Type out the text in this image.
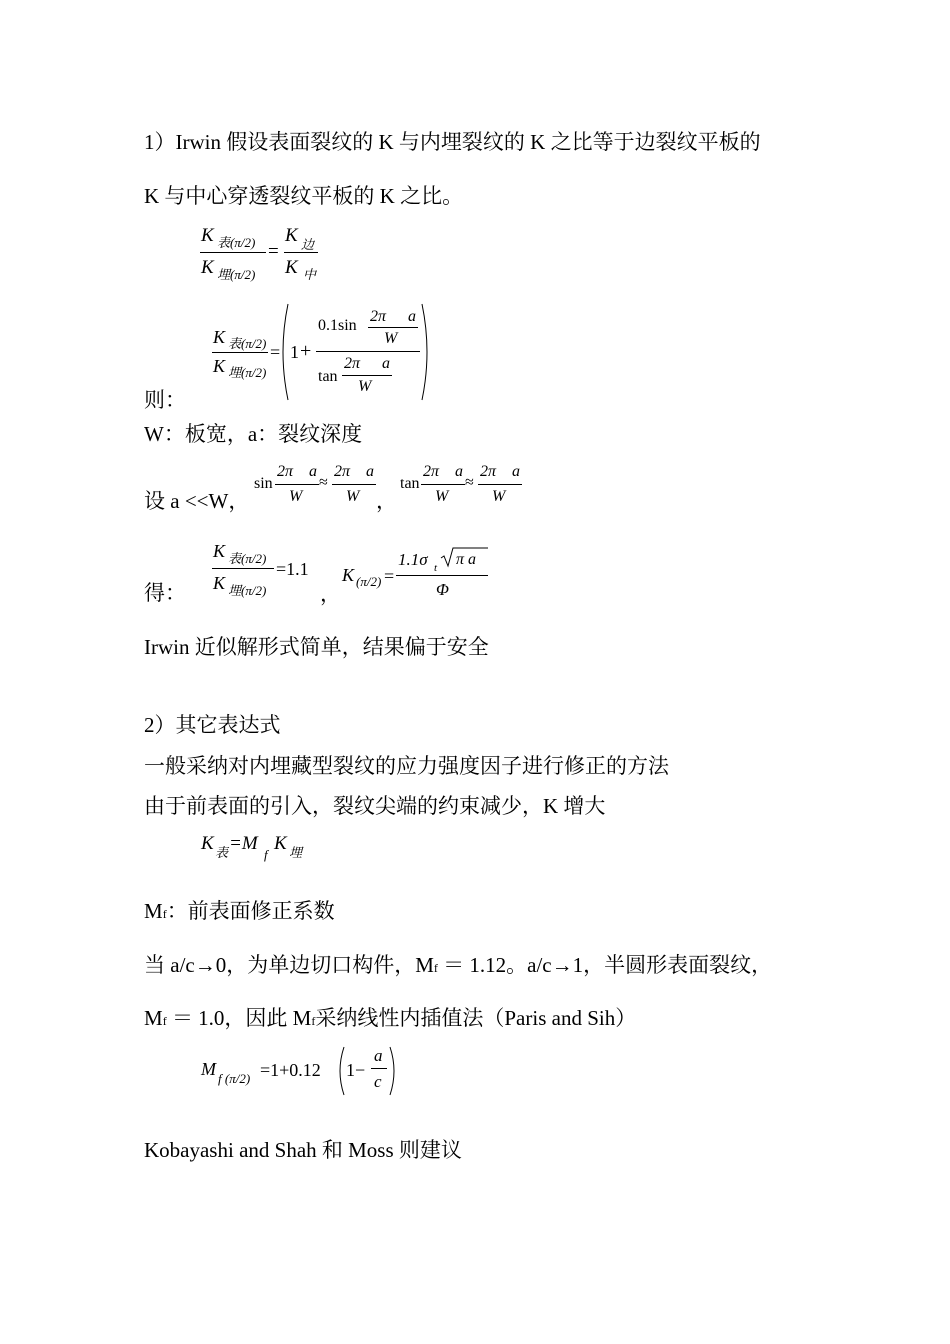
1）Irwin 假设表面裂纹的 K 与内埋裂纹的 K 之比等于边裂纹平板的
K 与中心穿透裂纹平板的 K 之比。
K 表(π/2)
K 埋(π/2)
=
K 边
K 中
则：
K 表(π/2)
K 埋(π/2)
= 1 +
0.1sin
2π a
W
tan
2π a
W
W：板宽，a：裂纹深度
设 a <<W，
sin
2π a
W
≈
2π a
W ，
tan
2π a
W
≈
2π a
W
得：
K 表(π/2)
K 埋(π/2)
=1.1
，
K (π/2) =
1.1σ t π a
Φ
Irwin 近似解形式简单，结果偏于安全
2）其它表达式
一般采纳对内埋藏型裂纹的应力强度因子进行修正的方法
由于前表面的引入，裂纹尖端的约束减少，K 增大
K 表 =M
f
K 埋
Mf：前表面修正系数
当 a/c→0，为单边切口构件，Mf ＝ 1.12。a/c→1，半圆形表面裂纹，
Mf ＝ 1.0，因此 Mf采纳线性内插值法（Paris and Sih）
M f (π/2) =1+0.12 1−
a
c
Kobayashi and Shah 和 Moss 则建议
